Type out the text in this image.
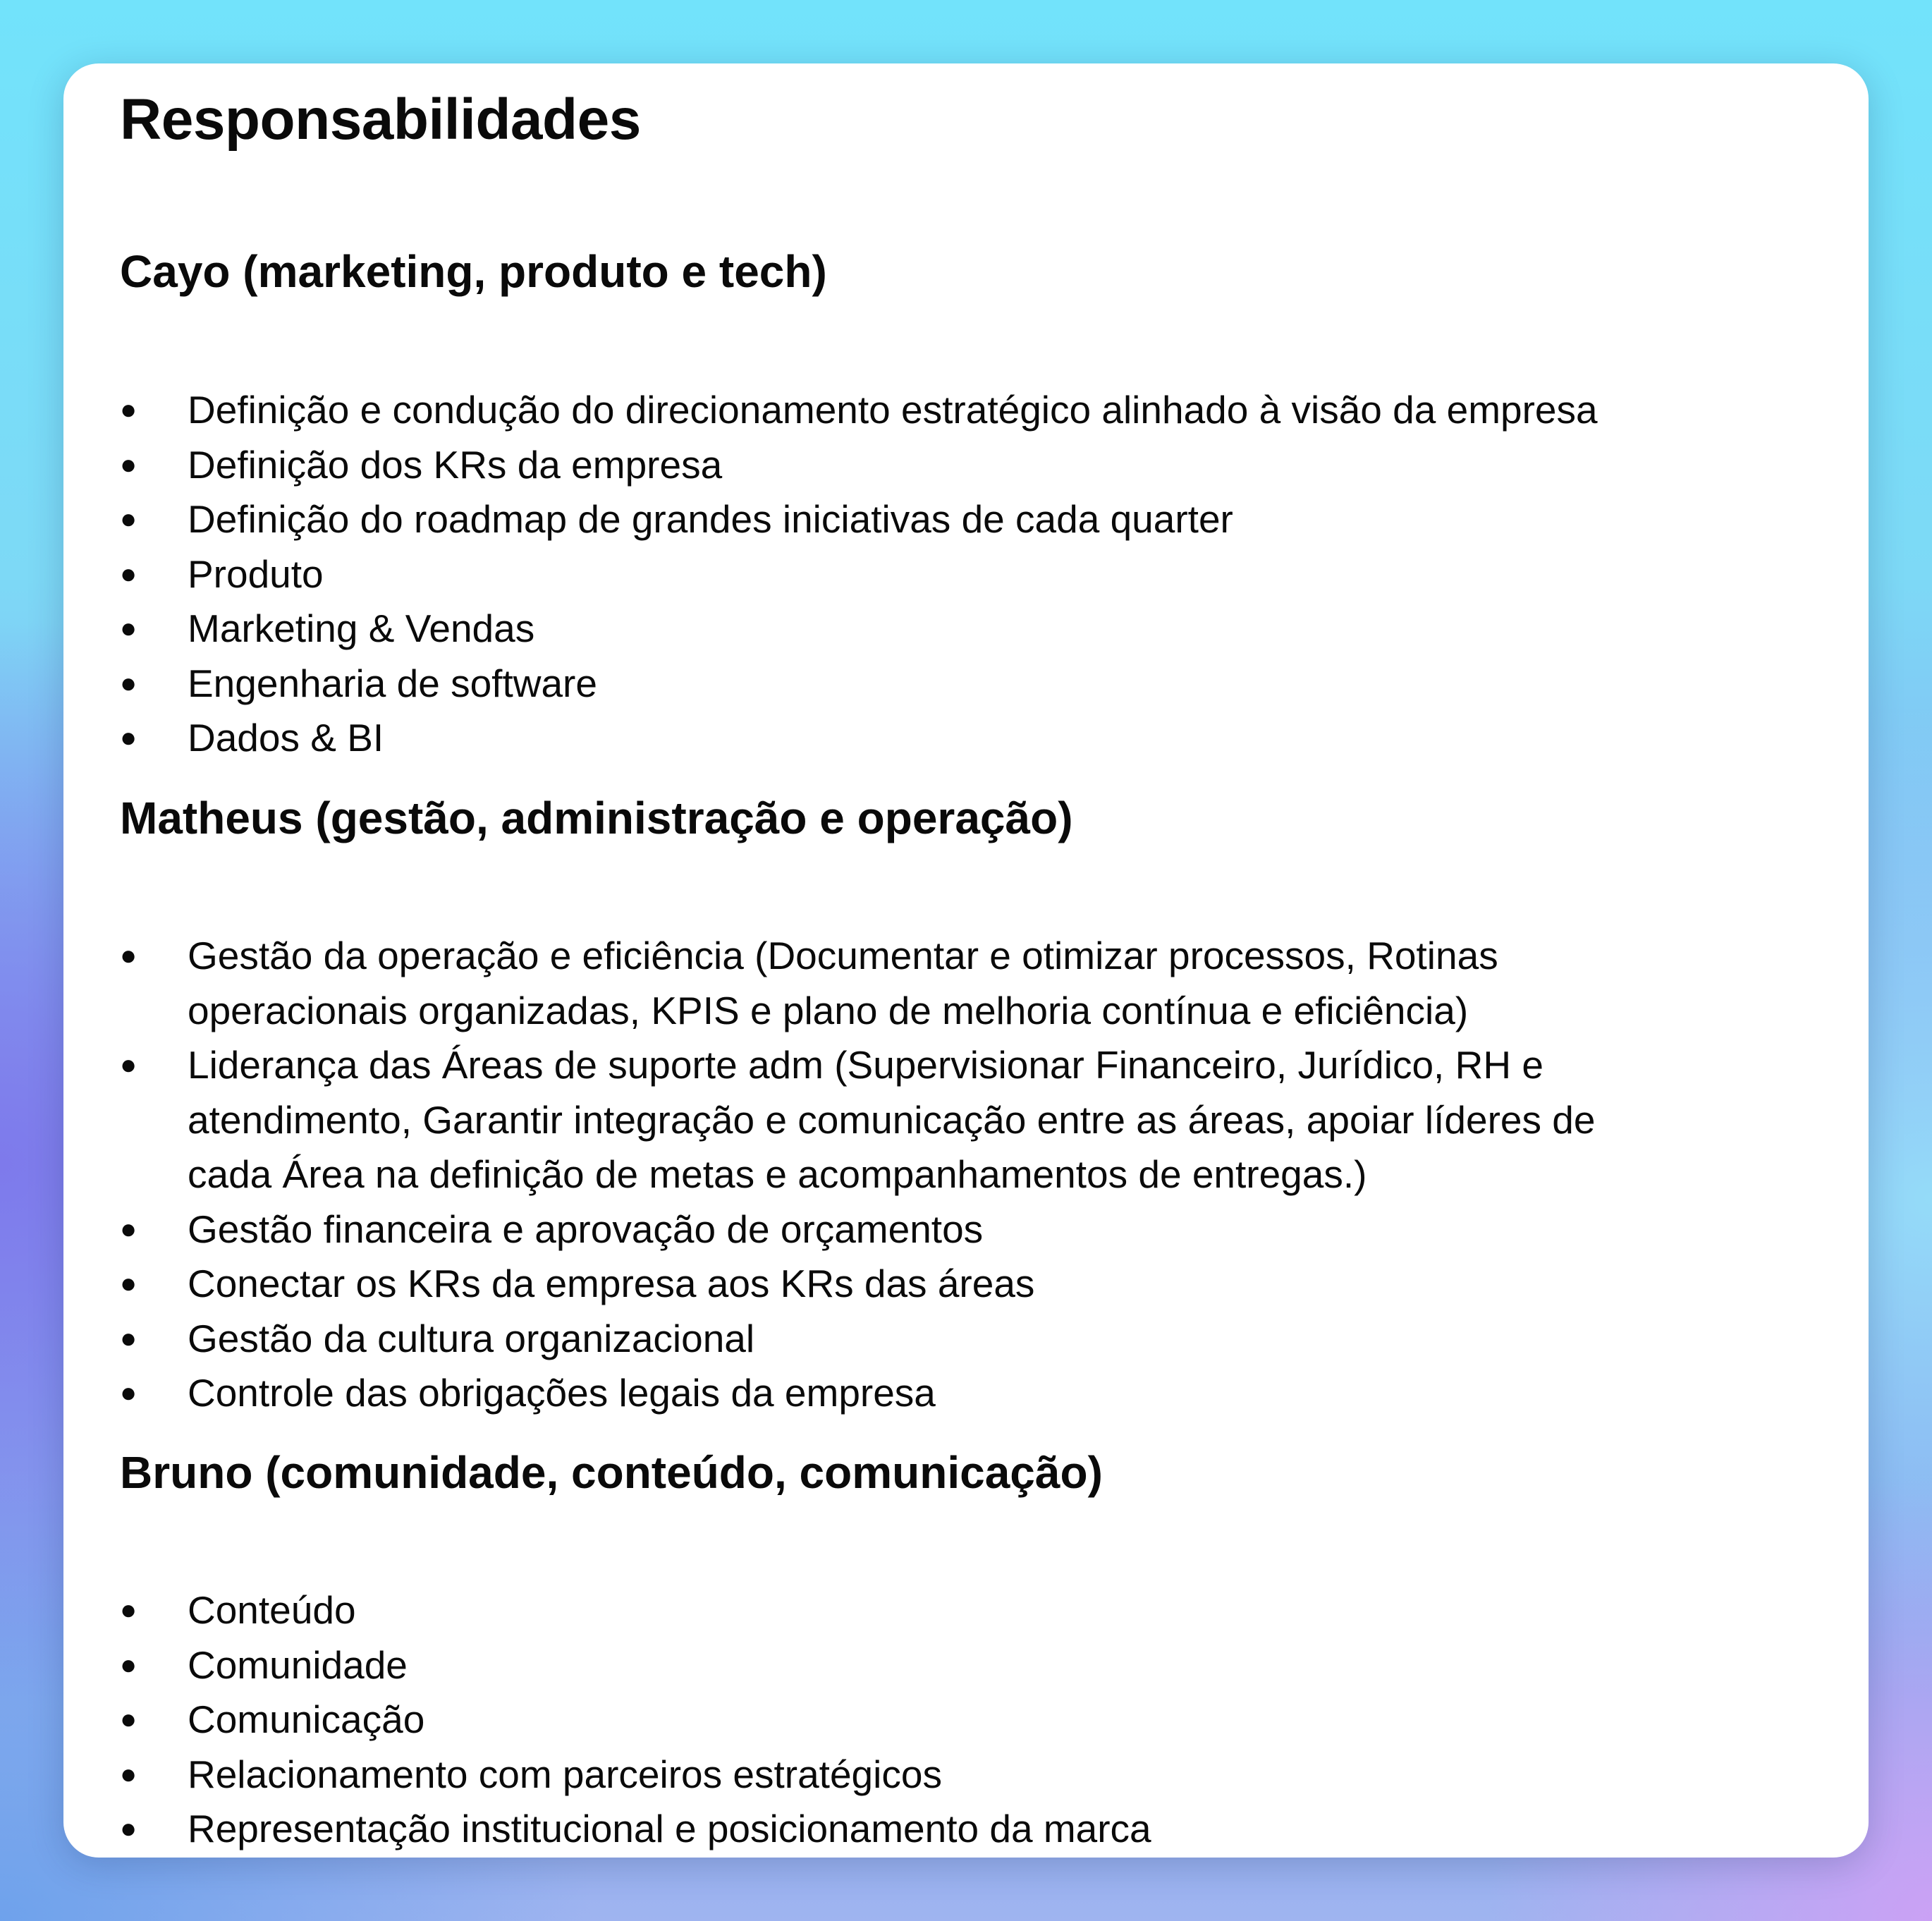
Responsabilidades
Cayo (marketing, produto e tech)
● Definição e condução do direcionamento estratégico alinhado à visão da empresa
● Definição dos KRs da empresa
● Definição do roadmap de grandes iniciativas de cada quarter
● Produto
● Marketing & Vendas
● Engenharia de software
● Dados & BI
Matheus (gestão, administração e operação)
● Gestão da operação e eficiência (Documentar e otimizar processos, Rotinas
operacionais organizadas, KPIS e plano de melhoria contínua e eficiência)
● Liderança das Áreas de suporte adm (Supervisionar Financeiro, Jurídico, RH e
atendimento, Garantir integração e comunicação entre as áreas, apoiar líderes de
cada Área na definição de metas e acompanhamentos de entregas.)
● Gestão financeira e aprovação de orçamentos
● Conectar os KRs da empresa aos KRs das áreas
● Gestão da cultura organizacional
● Controle das obrigações legais da empresa
Bruno (comunidade, conteúdo, comunicação)
● Conteúdo
● Comunidade
● Comunicação
● Relacionamento com parceiros estratégicos
● Representação institucional e posicionamento da marca
